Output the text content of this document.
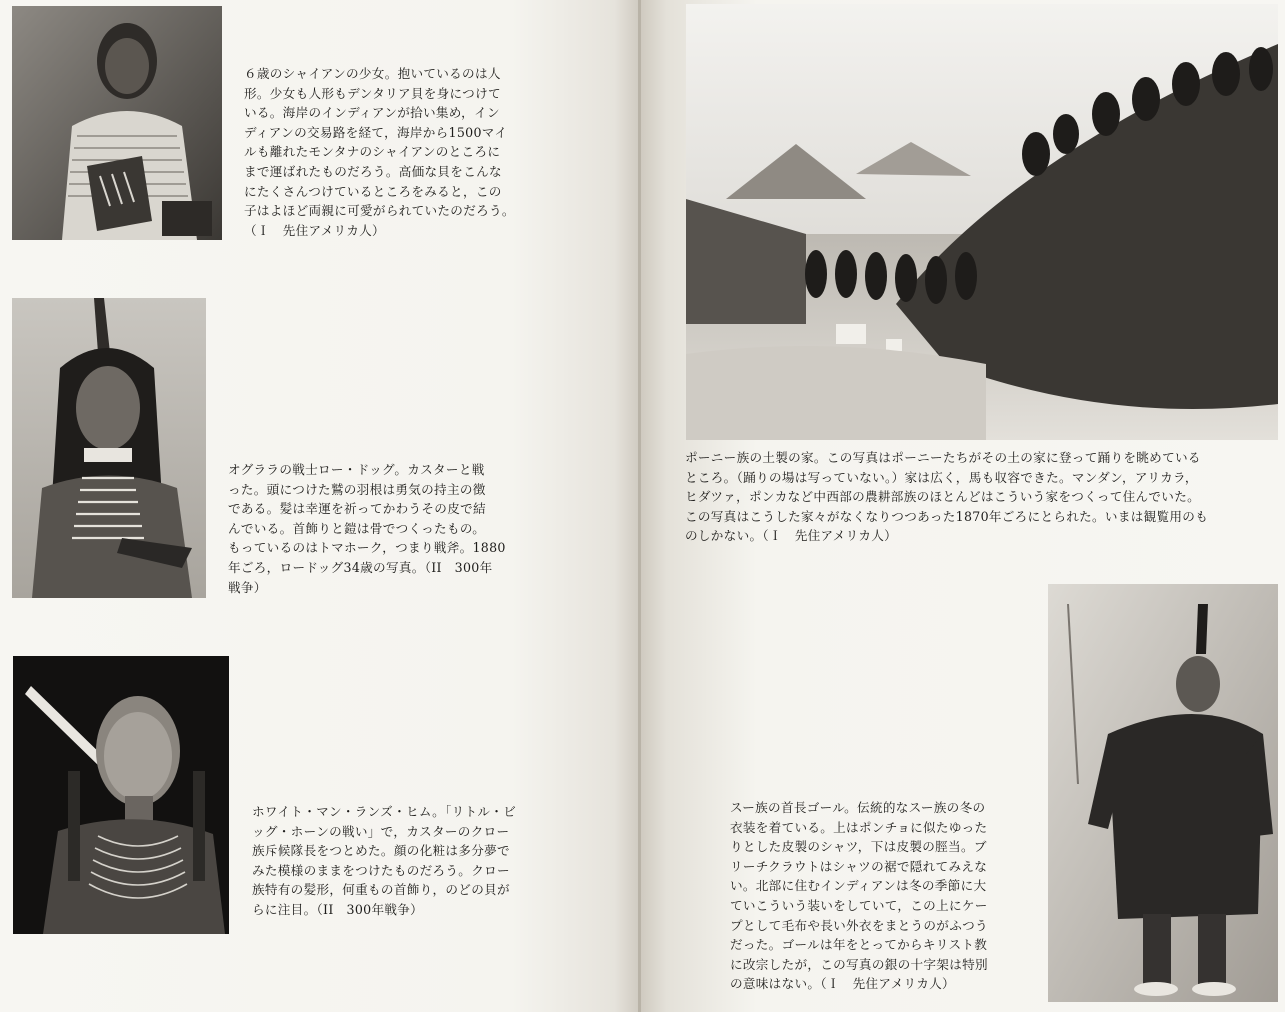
６歳のシャイアンの少女。抱いているのは人
形。少女も人形もデンタリア貝を身につけて
いる。海岸のインディアンが拾い集め，イン
ディアンの交易路を経て，海岸から1500マイ
ルも離れたモンタナのシャイアンのところに
まで運ばれたものだろう。高価な貝をこんな
にたくさんつけているところをみると，この
子はよほど両親に可愛がられていたのだろう。
（Ｉ　先住アメリカ人）

オグララの戦士ロー・ドッグ。カスターと戦
った。頭につけた鷲の羽根は勇気の持主の徴
である。髪は幸運を祈ってかわうその皮で結
んでいる。首飾りと鎧は骨でつくったもの。
もっているのはトマホーク，つまり戦斧。1880
年ごろ，ロードッグ34歳の写真。（II　300年
戦争）

ホワイト・マン・ランズ・ヒム。「リトル・ビ
ッグ・ホーンの戦い」で，カスターのクロー
族斥候隊長をつとめた。顔の化粧は多分夢で
みた模様のままをつけたものだろう。クロー
族特有の髪形，何重もの首飾り，のどの貝が
らに注目。（II　300年戦争）

ポーニー族の土製の家。この写真はポーニーたちがその土の家に登って踊りを眺めている
ところ。（踊りの場は写っていない。）家は広く，馬も収容できた。マンダン，アリカラ，
ヒダツァ，ポンカなど中西部の農耕部族のほとんどはこういう家をつくって住んでいた。
この写真はこうした家々がなくなりつつあった1870年ごろにとられた。いまは観覧用のも
のしかない。（Ｉ　先住アメリカ人）

スー族の首長ゴール。伝統的なスー族の冬の
衣装を着ている。上はポンチョに似たゆった
りとした皮製のシャツ，下は皮製の脛当。ブ
リーチクラウトはシャツの裾で隠れてみえな
い。北部に住むインディアンは冬の季節に大
ていこういう装いをしていて，この上にケー
プとして毛布や長い外衣をまとうのがふつう
だった。ゴールは年をとってからキリスト教
に改宗したが，この写真の銀の十字架は特別
の意味はない。（Ｉ　先住アメリカ人）
